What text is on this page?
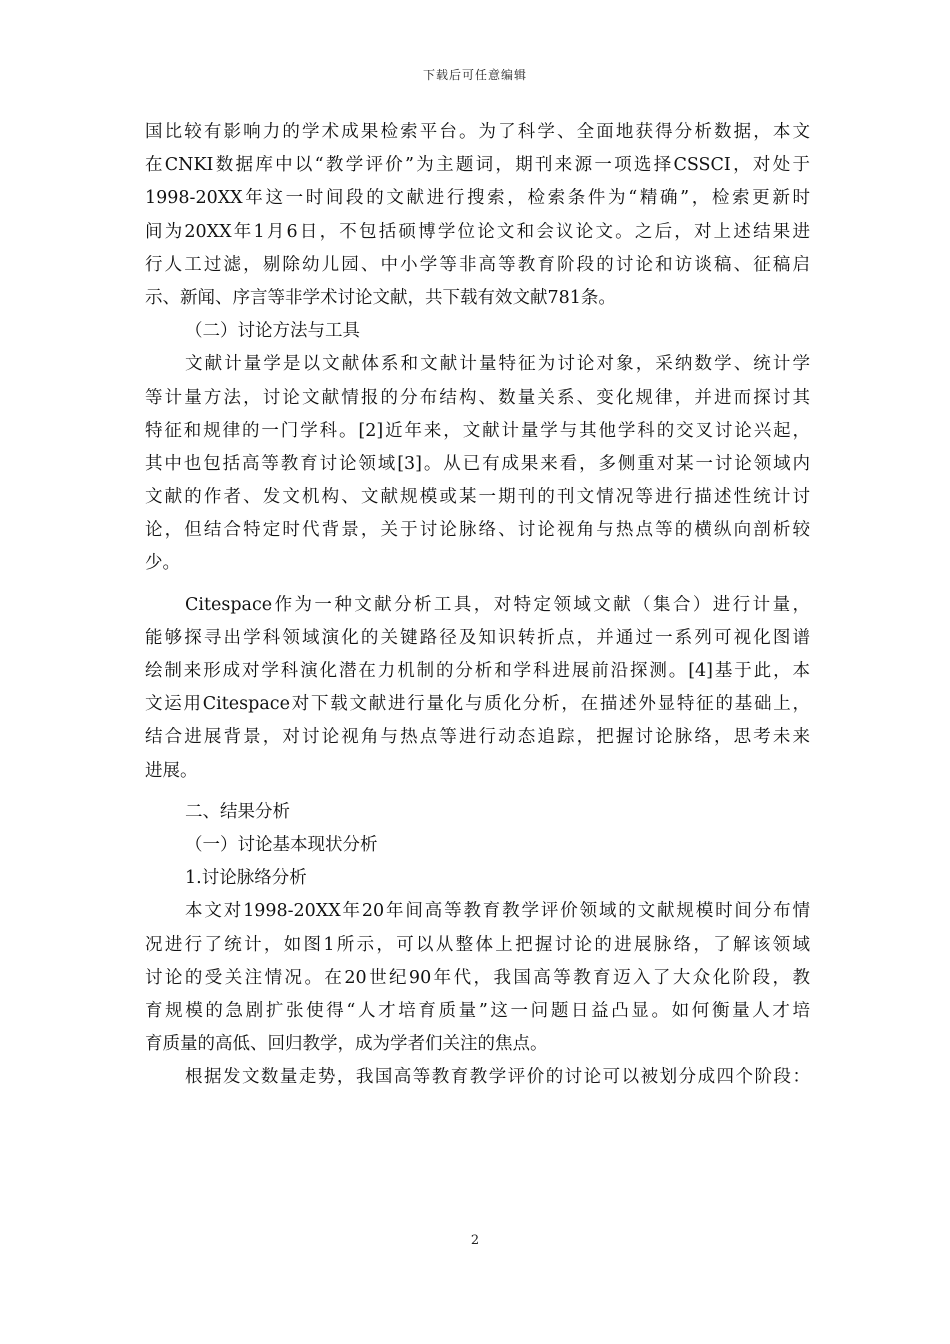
下载后可任意编辑
国比较有影响力的学术成果检索平台。为了科学、全面地获得分析数据，本文
在CNKI数据库中以“教学评价”为主题词，期刊来源一项选择CSSCI，对处于
1998-20XX年这一时间段的文献进行搜索，检索条件为“精确”，检索更新时
间为20XX年1月6日，不包括硕博学位论文和会议论文。之后，对上述结果进
行人工过滤，剔除幼儿园、中小学等非高等教育阶段的讨论和访谈稿、征稿启
示、新闻、序言等非学术讨论文献，共下载有效文献781条。
（二）讨论方法与工具
文献计量学是以文献体系和文献计量特征为讨论对象，采纳数学、统计学
等计量方法，讨论文献情报的分布结构、数量关系、变化规律，并进而探讨其
特征和规律的一门学科。[2]近年来，文献计量学与其他学科的交叉讨论兴起，
其中也包括高等教育讨论领域[3]。从已有成果来看，多侧重对某一讨论领域内
文献的作者、发文机构、文献规模或某一期刊的刊文情况等进行描述性统计讨
论，但结合特定时代背景，关于讨论脉络、讨论视角与热点等的横纵向剖析较
少。
Citespace作为一种文献分析工具，对特定领域文献（集合）进行计量，
能够探寻出学科领域演化的关键路径及知识转折点，并通过一系列可视化图谱
绘制来形成对学科演化潜在力机制的分析和学科进展前沿探测。[4]基于此，本
文运用Citespace对下载文献进行量化与质化分析，在描述外显特征的基础上，
结合进展背景，对讨论视角与热点等进行动态追踪，把握讨论脉络，思考未来
进展。
二、结果分析
（一）讨论基本现状分析
1.讨论脉络分析
本文对1998-20XX年20年间高等教育教学评价领域的文献规模时间分布情
况进行了统计，如图1所示，可以从整体上把握讨论的进展脉络，了解该领域
讨论的受关注情况。在20世纪90年代，我国高等教育迈入了大众化阶段，教
育规模的急剧扩张使得“人才培育质量”这一问题日益凸显。如何衡量人才培
育质量的高低、回归教学，成为学者们关注的焦点。
根据发文数量走势，我国高等教育教学评价的讨论可以被划分成四个阶段：
2
